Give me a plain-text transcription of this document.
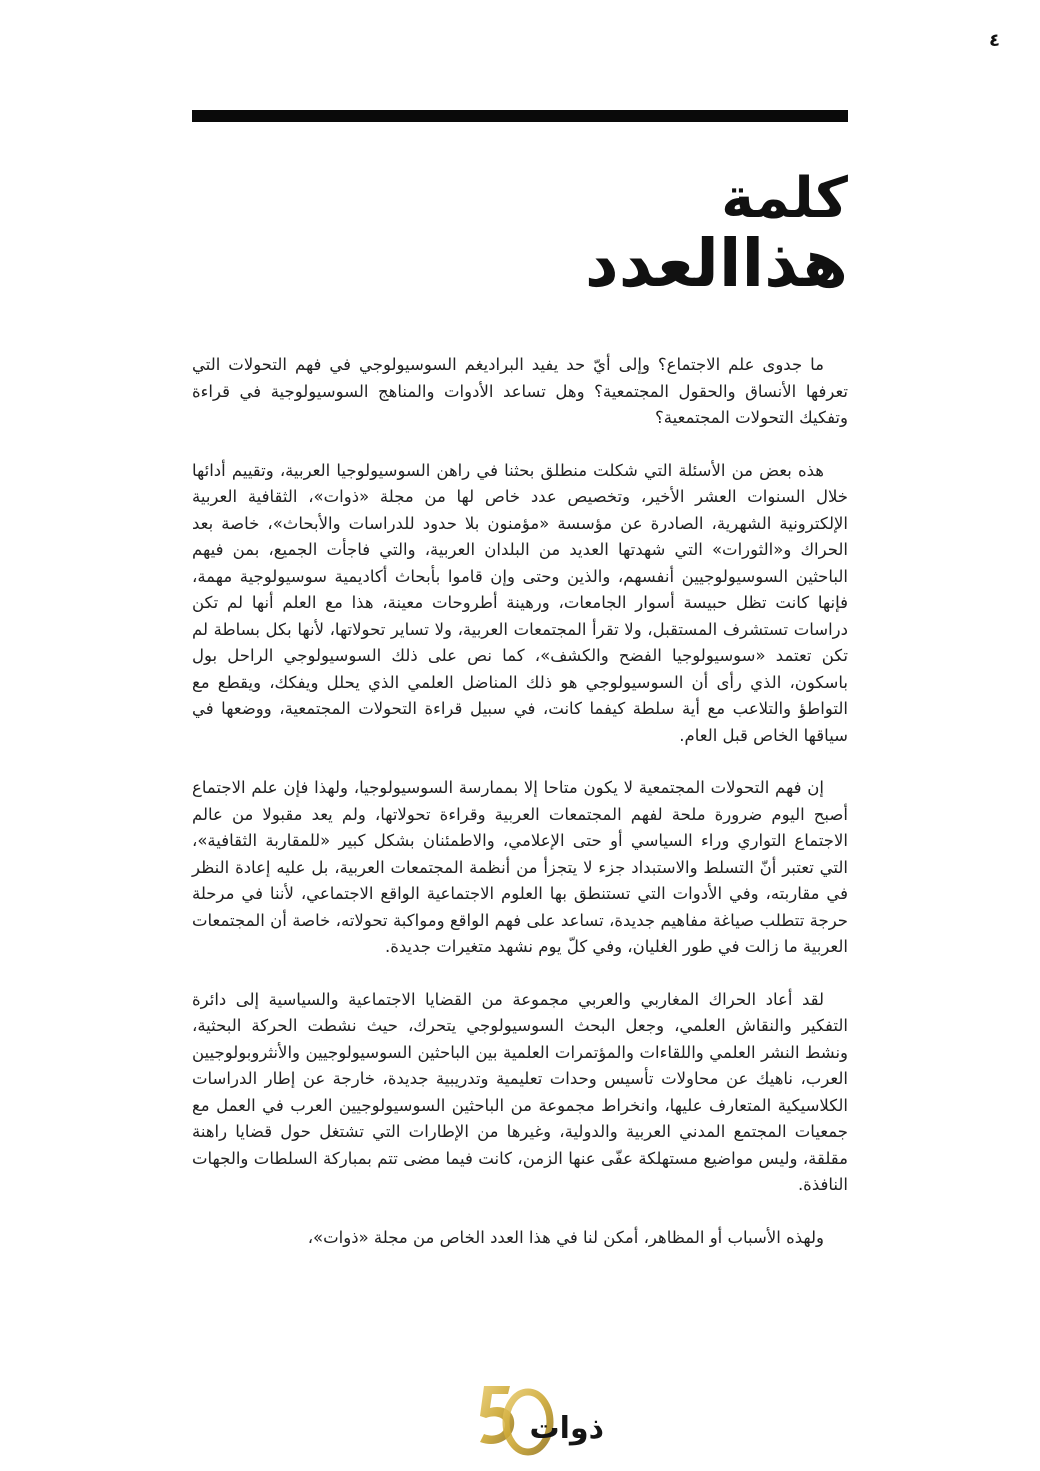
٤
كلمة
هذاالعدد

ما جدوى علم الاجتماع؟ وإلى أيّ حد يفيد البراديغم السوسيولوجي في فهم التحولات التي تعرفها الأنساق والحقول المجتمعية؟ وهل تساعد الأدوات والمناهج السوسيولوجية في قراءة وتفكيك التحولات المجتمعية؟

هذه بعض من الأسئلة التي شكلت منطلق بحثنا في راهن السوسيولوجيا العربية، وتقييم أدائها خلال السنوات العشر الأخير، وتخصيص عدد خاص لها من مجلة «ذوات»، الثقافية العربية الإلكترونية الشهرية، الصادرة عن مؤسسة «مؤمنون بلا حدود للدراسات والأبحاث»، خاصة بعد الحراك و«الثورات» التي شهدتها العديد من البلدان العربية، والتي فاجأت الجميع، بمن فيهم الباحثين السوسيولوجيين أنفسهم، والذين وحتى وإن قاموا بأبحاث أكاديمية سوسيولوجية مهمة، فإنها كانت تظل حبيسة أسوار الجامعات، ورهينة أطروحات معينة، هذا مع العلم أنها لم تكن دراسات تستشرف المستقبل، ولا تقرأ المجتمعات العربية، ولا تساير تحولاتها، لأنها بكل بساطة لم تكن تعتمد «سوسيولوجيا الفضح والكشف»، كما نص على ذلك السوسيولوجي الراحل بول باسكون، الذي رأى أن السوسيولوجي هو ذلك المناضل العلمي الذي يحلل ويفكك، ويقطع مع التواطؤ والتلاعب مع أية سلطة كيفما كانت، في سبيل قراءة التحولات المجتمعية، ووضعها في سياقها الخاص قبل العام.

إن فهم التحولات المجتمعية لا يكون متاحا إلا بممارسة السوسيولوجيا، ولهذا فإن علم الاجتماع أصبح اليوم ضرورة ملحة لفهم المجتمعات العربية وقراءة تحولاتها، ولم يعد مقبولا من عالم الاجتماع التواري وراء السياسي أو حتى الإعلامي، والاطمئنان بشكل كبير «للمقاربة الثقافية»، التي تعتبر أنّ التسلط والاستبداد جزء لا يتجزأ من أنظمة المجتمعات العربية، بل عليه إعادة النظر في مقاربته، وفي الأدوات التي تستنطق بها العلوم الاجتماعية الواقع الاجتماعي، لأننا في مرحلة حرجة تتطلب صياغة مفاهيم جديدة، تساعد على فهم الواقع ومواكبة تحولاته، خاصة أن المجتمعات العربية ما زالت في طور الغليان، وفي كلّ يوم نشهد متغيرات جديدة.

لقد أعاد الحراك المغاربي والعربي مجموعة من القضايا الاجتماعية والسياسية إلى دائرة التفكير والنقاش العلمي، وجعل البحث السوسيولوجي يتحرك، حيث نشطت الحركة البحثية، ونشط النشر العلمي واللقاءات والمؤتمرات العلمية بين الباحثين السوسيولوجيين والأنثروبولوجيين العرب، ناهيك عن محاولات تأسيس وحدات تعليمية وتدريبية جديدة، خارجة عن إطار الدراسات الكلاسيكية المتعارف عليها، وانخراط مجموعة من الباحثين السوسيولوجيين العرب في العمل مع جمعيات المجتمع المدني العربية والدولية، وغيرها من الإطارات التي تشتغل حول قضايا راهنة مقلقة، وليس مواضيع مستهلكة عفّى عنها الزمن، كانت فيما مضى تتم بمباركة السلطات والجهات النافذة.

ولهذه الأسباب أو المظاهر، أمكن لنا في هذا العدد الخاص من مجلة «ذوات»،

ذوات
